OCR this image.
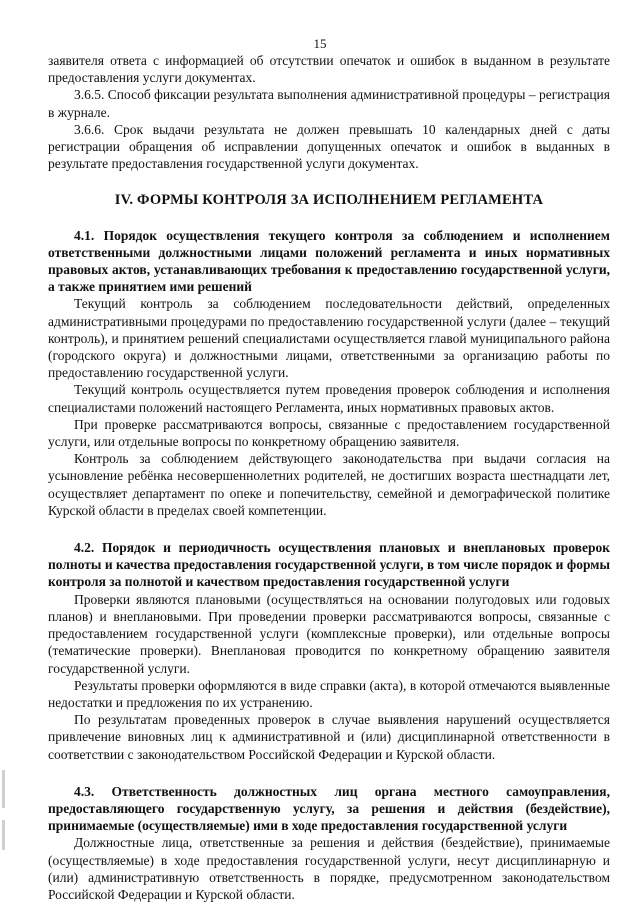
15

заявителя ответа с информацией об отсутствии опечаток и ошибок в выданном в результате предоставления услуги документах.

3.6.5. Способ фиксации результата выполнения административной процедуры – регистрация в журнале.

3.6.6. Срок выдачи результата не должен превышать 10 календарных дней с даты регистрации обращения об исправлении допущенных опечаток и ошибок в выданных в результате предоставления государственной услуги документах.

IV. ФОРМЫ КОНТРОЛЯ ЗА ИСПОЛНЕНИЕМ РЕГЛАМЕНТА
4.1. Порядок осуществления текущего контроля за соблюдением и исполнением ответственными должностными лицами положений регламента и иных нормативных правовых актов, устанавливающих требования к предоставлению государственной услуги, а также принятием ими решений

Текущий контроль за соблюдением последовательности действий, определенных административными процедурами по предоставлению государственной услуги (далее – текущий контроль), и принятием решений специалистами осуществляется главой муниципального района (городского округа) и должностными лицами, ответственными за организацию работы по предоставлению государственной услуги.

Текущий контроль осуществляется путем проведения проверок соблюдения и исполнения специалистами положений настоящего Регламента, иных нормативных правовых актов.

При проверке рассматриваются вопросы, связанные с предоставлением государственной услуги, или отдельные вопросы по конкретному обращению заявителя.

Контроль за соблюдением действующего законодательства при выдачи согласия на усыновление ребёнка несовершеннолетних родителей, не достигших возраста шестнадцати лет, осуществляет департамент по опеке и попечительству, семейной и демографической политике Курской области в пределах своей компетенции.

4.2. Порядок и периодичность осуществления плановых и внеплановых проверок полноты и качества предоставления государственной услуги, в том числе порядок и формы контроля за полнотой и качеством предоставления государственной услуги

Проверки являются плановыми (осуществляться на основании полугодовых или годовых планов) и внеплановыми. При проведении проверки рассматриваются вопросы, связанные с предоставлением государственной услуги (комплексные проверки), или отдельные вопросы (тематические проверки). Внеплановая проводится по конкретному обращению заявителя государственной услуги.

Результаты проверки оформляются в виде справки (акта), в которой отмечаются выявленные недостатки и предложения по их устранению.

По результатам проведенных проверок в случае выявления нарушений осуществляется привлечение виновных лиц к административной и (или) дисциплинарной ответственности в соответствии с законодательством Российской Федерации и Курской области.

4.3. Ответственность должностных лиц органа местного самоуправления, предоставляющего государственную услугу, за решения и действия (бездействие), принимаемые (осуществляемые) ими в ходе предоставления государственной услуги

Должностные лица, ответственные за решения и действия (бездействие), принимаемые (осуществляемые) в ходе предоставления государственной услуги, несут дисциплинарную и (или) административную ответственность в порядке, предусмотренном законодательством Российской Федерации и Курской области.
